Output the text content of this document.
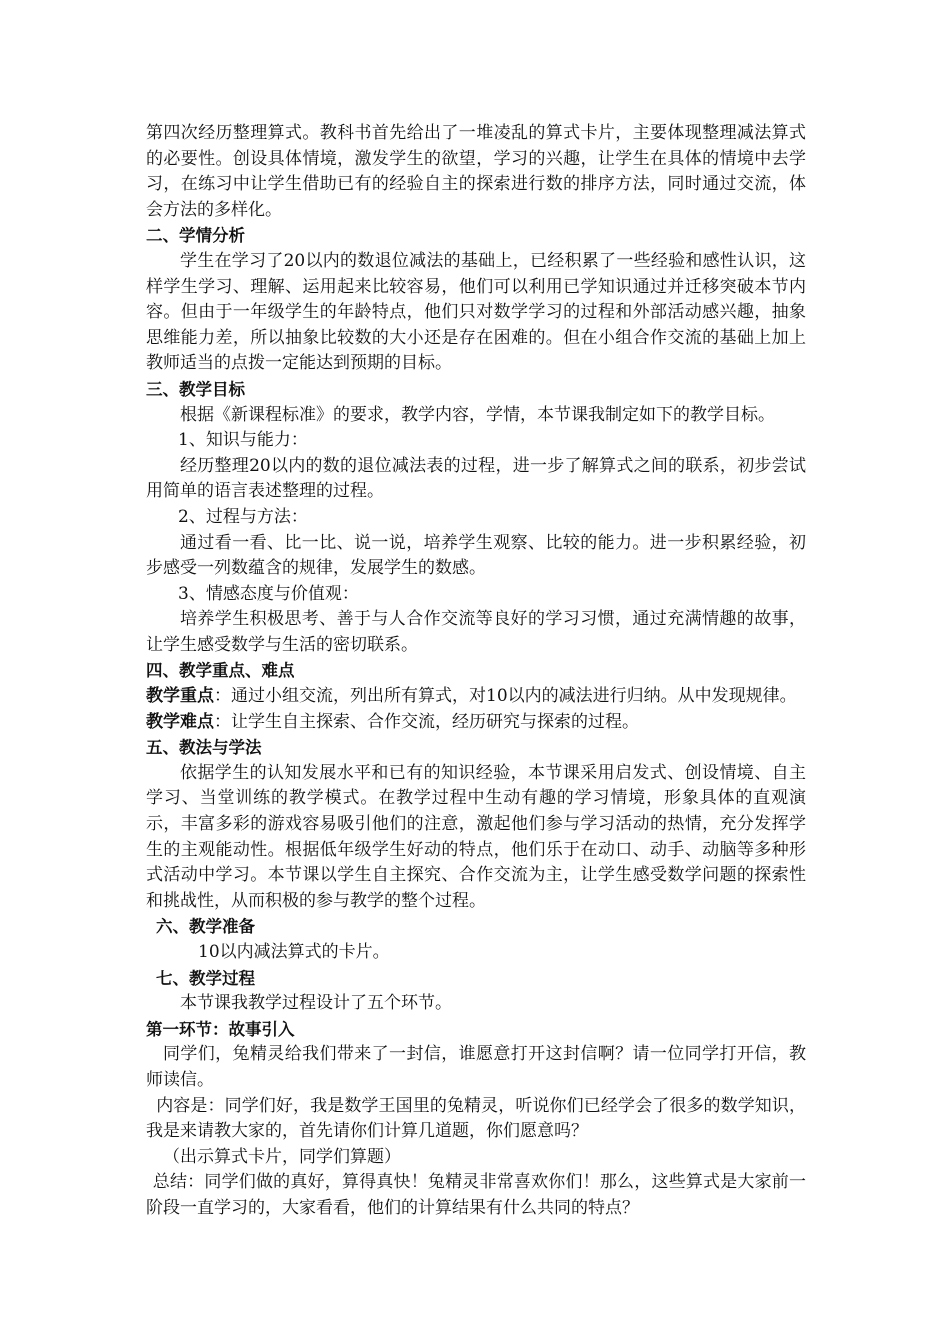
第四次经历整理算式。教科书首先给出了一堆凌乱的算式卡片，主要体现整理减法算式的必要性。创设具体情境，激发学生的欲望，学习的兴趣，让学生在具体的情境中去学习，在练习中让学生借助已有的经验自主的探索进行数的排序方法，同时通过交流，体会方法的多样化。

二、学情分析

学生在学习了20以内的数退位减法的基础上，已经积累了一些经验和感性认识，这样学生学习、理解、运用起来比较容易，他们可以利用已学知识通过并迁移突破本节内容。但由于一年级学生的年龄特点，他们只对数学学习的过程和外部活动感兴趣，抽象思维能力差，所以抽象比较数的大小还是存在困难的。但在小组合作交流的基础上加上教师适当的点拨一定能达到预期的目标。

三、教学目标

根据《新课程标准》的要求，教学内容，学情，本节课我制定如下的教学目标。

1、知识与能力：

经历整理20以内的数的退位减法表的过程，进一步了解算式之间的联系，初步尝试用简单的语言表述整理的过程。

2、过程与方法：

通过看一看、比一比、说一说，培养学生观察、比较的能力。进一步积累经验，初步感受一列数蕴含的规律，发展学生的数感。

3、情感态度与价值观：

培养学生积极思考、善于与人合作交流等良好的学习习惯，通过充满情趣的故事，让学生感受数学与生活的密切联系。

四、教学重点、难点

教学重点：通过小组交流，列出所有算式，对10以内的减法进行归纳。从中发现规律。

教学难点：让学生自主探索、合作交流，经历研究与探索的过程。

五、教法与学法

依据学生的认知发展水平和已有的知识经验，本节课采用启发式、创设情境、自主学习、当堂训练的教学模式。在教学过程中生动有趣的学习情境，形象具体的直观演示，丰富多彩的游戏容易吸引他们的注意，激起他们参与学习活动的热情，充分发挥学生的主观能动性。根据低年级学生好动的特点，他们乐于在动口、动手、动脑等多种形式活动中学习。本节课以学生自主探究、合作交流为主，让学生感受数学问题的探索性和挑战性，从而积极的参与教学的整个过程。

六、教学准备

10以内减法算式的卡片。

七、教学过程

本节课我教学过程设计了五个环节。

第一环节：故事引入

同学们，兔精灵给我们带来了一封信，谁愿意打开这封信啊？请一位同学打开信，教师读信。

内容是：同学们好，我是数学王国里的兔精灵，听说你们已经学会了很多的数学知识，我是来请教大家的，首先请你们计算几道题，你们愿意吗？

（出示算式卡片，同学们算题）

总结：同学们做的真好，算得真快！兔精灵非常喜欢你们！那么，这些算式是大家前一阶段一直学习的，大家看看，他们的计算结果有什么共同的特点？
